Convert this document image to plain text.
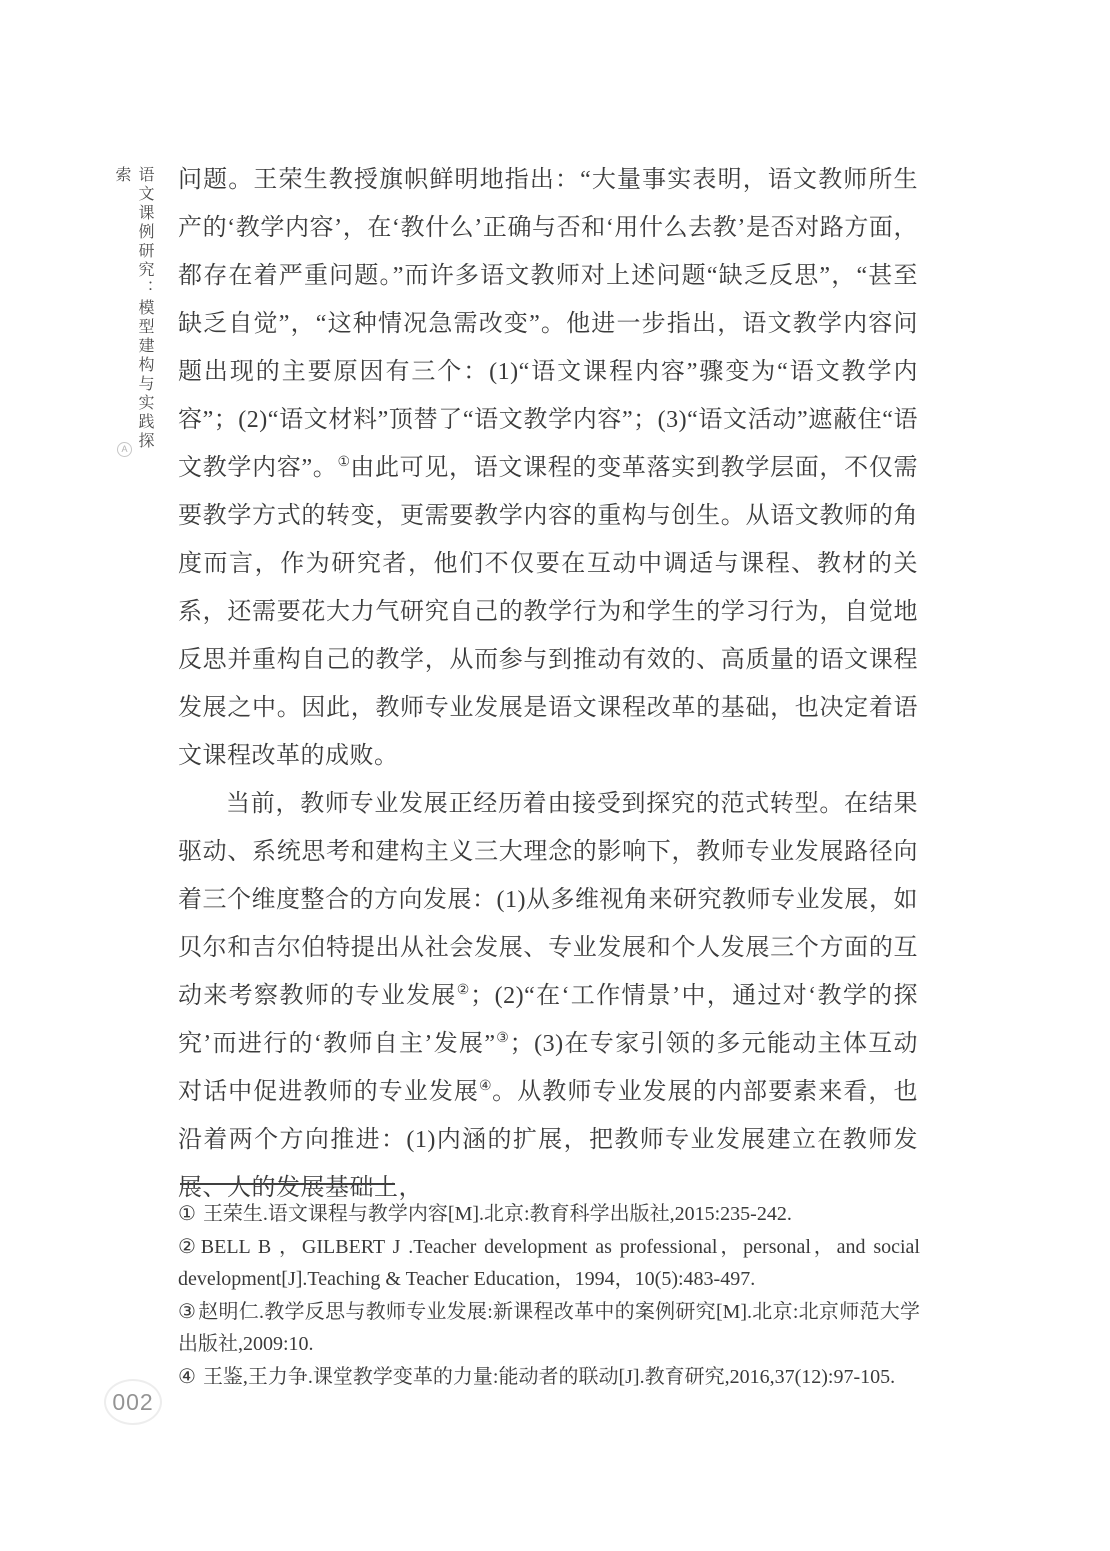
语文课例研究：模型建构与实践探索
A

问题。王荣生教授旗帜鲜明地指出：“大量事实表明，语文教师所生产的‘教学内容’，在‘教什么’正确与否和‘用什么去教’是否对路方面，都存在着严重问题。”而许多语文教师对上述问题“缺乏反思”，“甚至缺乏自觉”，“这种情况急需改变”。他进一步指出，语文教学内容问题出现的主要原因有三个：(1)“语文课程内容”骤变为“语文教学内容”；(2)“语文材料”顶替了“语文教学内容”；(3)“语文活动”遮蔽住“语文教学内容”。①由此可见，语文课程的变革落实到教学层面，不仅需要教学方式的转变，更需要教学内容的重构与创生。从语文教师的角度而言，作为研究者，他们不仅要在互动中调适与课程、教材的关系，还需要花大力气研究自己的教学行为和学生的学习行为，自觉地反思并重构自己的教学，从而参与到推动有效的、高质量的语文课程发展之中。因此，教师专业发展是语文课程改革的基础，也决定着语文课程改革的成败。

当前，教师专业发展正经历着由接受到探究的范式转型。在结果驱动、系统思考和建构主义三大理念的影响下，教师专业发展路径向着三个维度整合的方向发展：(1)从多维视角来研究教师专业发展，如贝尔和吉尔伯特提出从社会发展、专业发展和个人发展三个方面的互动来考察教师的专业发展②；(2)“在‘工作情景’中，通过对‘教学的探究’而进行的‘教师自主’发展”③；(3)在专家引领的多元能动主体互动对话中促进教师的专业发展④。从教师专业发展的内部要素来看，也沿着两个方向推进：(1)内涵的扩展，把教师专业发展建立在教师发展、人的发展基础上，

① 王荣生.语文课程与教学内容[M].北京:教育科学出版社,2015:235-242.
② BELL B ，GILBERT J .Teacher development as professional，personal，and social development[J].Teaching & Teacher Education，1994，10(5):483-497.
③ 赵明仁.教学反思与教师专业发展:新课程改革中的案例研究[M].北京:北京师范大学出版社,2009:10.
④ 王鉴,王力争.课堂教学变革的力量:能动者的联动[J].教育研究,2016,37(12):97-105.
002
